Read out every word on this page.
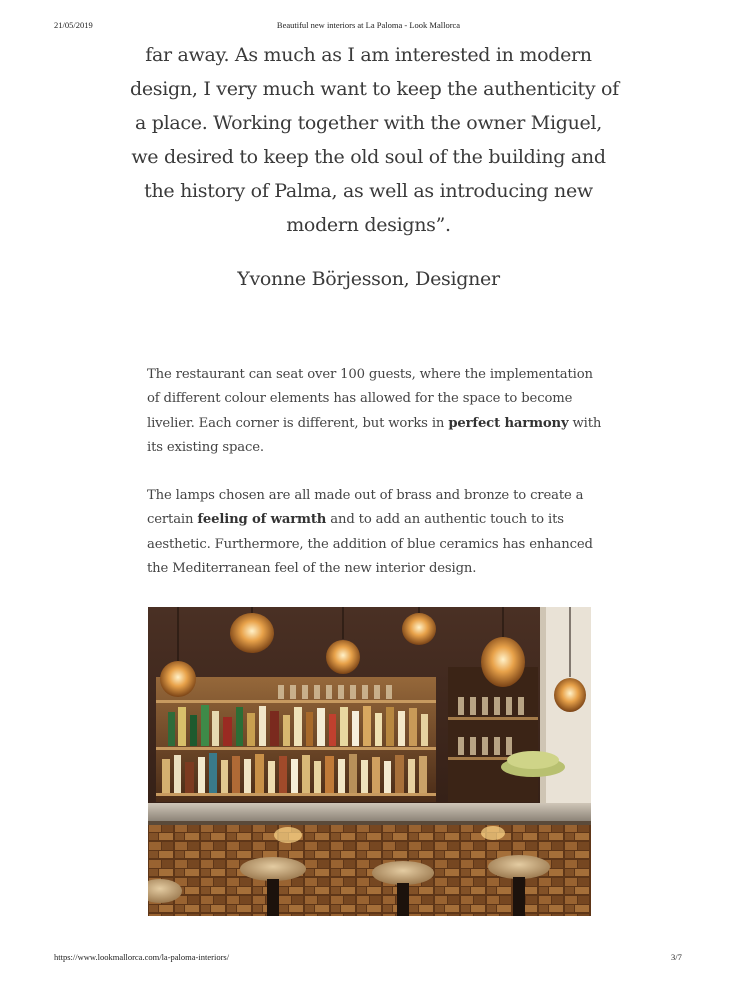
21/05/2019	Beautiful new interiors at La Paloma - Look Mallorca
far away. As much as I am interested in modern
design, I very much want to keep the authenticity of
a place. Working together with the owner Miguel,
we desired to keep the old soul of the building and
the history of Palma, as well as introducing new
modern designs”.
Yvonne Börjesson, Designer
The restaurant can seat over 100 guests, where the implementation
of different colour elements has allowed for the space to become
livelier. Each corner is different, but works in perfect harmony with
its existing space.
The lamps chosen are all made out of brass and bronze to create a
certain feeling of warmth and to add an authentic touch to its
aesthetic. Furthermore, the addition of blue ceramics has enhanced
the Mediterranean feel of the new interior design.
https://www.lookmallorca.com/la-paloma-interiors/	3/7
